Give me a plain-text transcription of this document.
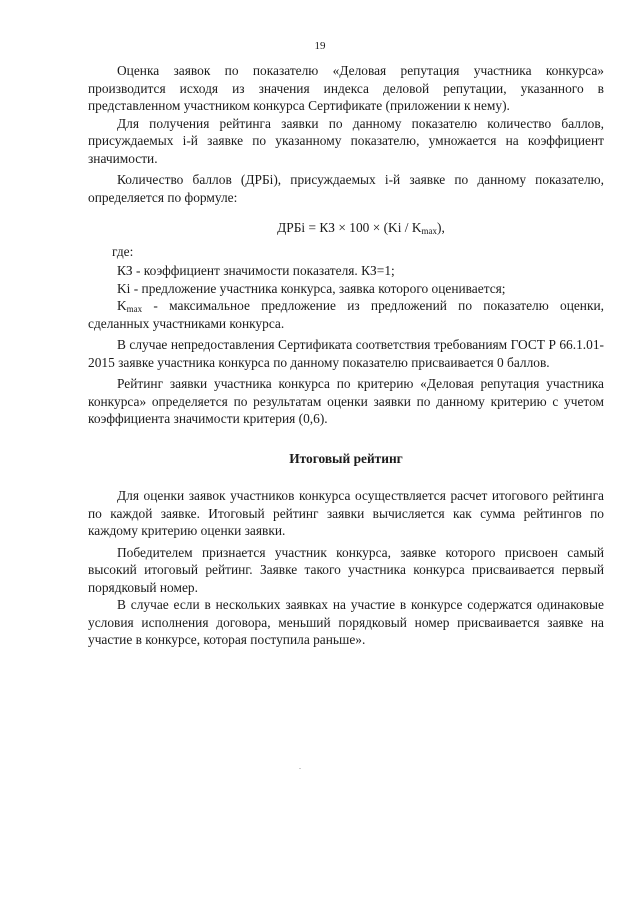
19

Оценка заявок по показателю «Деловая репутация участника конкурса» производится исходя из значения индекса деловой репутации, указанного в представленном участником конкурса Сертификате (приложении к нему).

Для получения рейтинга заявки по данному показателю количество баллов, присуждаемых i-й заявке по указанному показателю, умножается на коэффициент значимости.

Количество баллов (ДРБi), присуждаемых i-й заявке по данному показателю, определяется по формуле:

ДРБi = КЗ × $100 \times (Ki / K_{max})$,

где:

КЗ - коэффициент значимости показателя. КЗ=1;

Ki - предложение участника конкурса, заявка которого оценивается;

$K_{max}$ - максимальное предложение из предложений по показателю оценки, сделанных участниками конкурса.

В случае непредоставления Сертификата соответствия требованиям ГОСТ Р 66.1.01-2015 заявке участника конкурса по данному показателю присваивается 0 баллов.

Рейтинг заявки участника конкурса по критерию «Деловая репутация участника конкурса» определяется по результатам оценки заявки по данному критерию с учетом коэффициента значимости критерия (0,6).

Итоговый рейтинг

Для оценки заявок участников конкурса осуществляется расчет итогового рейтинга по каждой заявке. Итоговый рейтинг заявки вычисляется как сумма рейтингов по каждому критерию оценки заявки.

Победителем признается участник конкурса, заявке которого присвоен самый высокий итоговый рейтинг. Заявке такого участника конкурса присваивается первый порядковый номер.

В случае если в нескольких заявках на участие в конкурсе содержатся одинаковые условия исполнения договора, меньший порядковый номер присваивается заявке на участие в конкурсе, которая поступила раньше».
